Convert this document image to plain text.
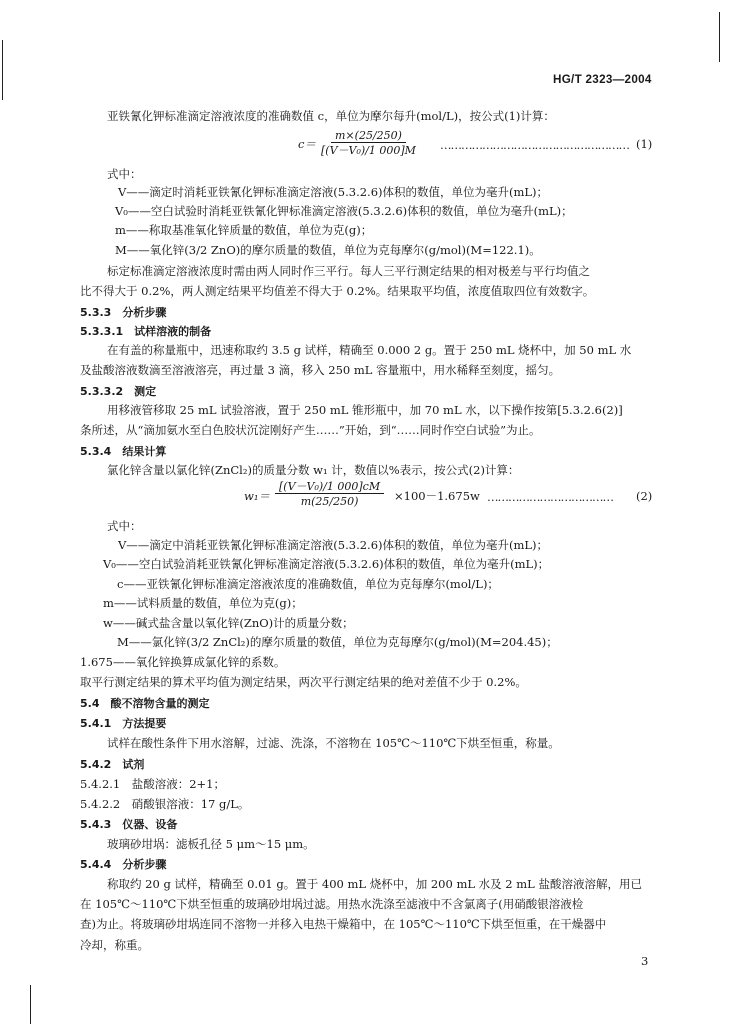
HG/T 2323—2004
亚铁氰化钾标准滴定溶液浓度的准确数值 c，单位为摩尔每升(mol/L)，按公式(1)计算：
$c= \frac{m\times(25/250)}{\text{[(V－V₀)/1 000]M}}$ ……………………………………………… (1)
式中：
V——滴定时消耗亚铁氰化钾标准滴定溶液(5.3.2.6)体积的数值，单位为毫升(mL)；
V₀——空白试验时消耗亚铁氰化钾标准滴定溶液(5.3.2.6)体积的数值，单位为毫升(mL)；
m——称取基准氧化锌质量的数值，单位为克(g)；
M——氧化锌(3/2 ZnO)的摩尔质量的数值，单位为克每摩尔(g/mol)(M=122.1)。
标定标准滴定溶液浓度时需由两人同时作三平行。每人三平行测定结果的相对极差与平行均值之
比不得大于 0.2%，两人测定结果平均值差不得大于 0.2%。结果取平均值，浓度值取四位有效数字。
5.3.3　分析步骤
5.3.3.1　试样溶液的制备
在有盖的称量瓶中，迅速称取约 3.5 g 试样，精确至 0.000 2 g。置于 250 mL 烧杯中，加 50 mL 水
及盐酸溶液数滴至溶液溶亮，再过量 3 滴，移入 250 mL 容量瓶中，用水稀释至刻度，摇匀。
5.3.3.2　测定
用移液管移取 25 mL 试验溶液，置于 250 mL 锥形瓶中，加 70 mL 水，以下操作按第[5.3.2.6(2)]
条所述，从“滴加氨水至白色胶状沉淀刚好产生……”开始，到“……同时作空白试验”为止。
5.3.4　结果计算
氯化锌含量以氯化锌(ZnCl₂)的质量分数 w₁ 计，数值以%表示，按公式(2)计算：
$w_1= \frac{\text{[(V－V₀)/1 000]cM}}{m(25/250)} \times 100-1.675w$ ……………………………… (2)
式中：
V——滴定中消耗亚铁氰化钾标准滴定溶液(5.3.2.6)体积的数值，单位为毫升(mL)；
V₀——空白试验消耗亚铁氰化钾标准滴定溶液(5.3.2.6)体积的数值，单位为毫升(mL)；
c——亚铁氰化钾标准滴定溶液浓度的准确数值，单位为克每摩尔(mol/L)；
m——试料质量的数值，单位为克(g)；
w——碱式盐含量以氧化锌(ZnO)计的质量分数；
M——氯化锌(3/2 ZnCl₂)的摩尔质量的数值，单位为克每摩尔(g/mol)(M=204.45)；
1.675——氧化锌换算成氯化锌的系数。
取平行测定结果的算术平均值为测定结果，两次平行测定结果的绝对差值不少于 0.2%。
5.4　酸不溶物含量的测定
5.4.1　方法提要
试样在酸性条件下用水溶解，过滤、洗涤，不溶物在 105℃～110℃下烘至恒重，称量。
5.4.2　试剂
5.4.2.1　盐酸溶液：2+1；
5.4.2.2　硝酸银溶液：17 g/L。
5.4.3　仪器、设备
玻璃砂坩埚：滤板孔径 5 μm～15 μm。
5.4.4　分析步骤
称取约 20 g 试样，精确至 0.01 g。置于 400 mL 烧杯中，加 200 mL 水及 2 mL 盐酸溶液溶解，用已
在 105℃～110℃下烘至恒重的玻璃砂坩埚过滤。用热水洗涤至滤液中不含氯离子(用硝酸银溶液检
查)为止。将玻璃砂坩埚连同不溶物一并移入电热干燥箱中，在 105℃～110℃下烘至恒重，在干燥器中
冷却，称重。
3
